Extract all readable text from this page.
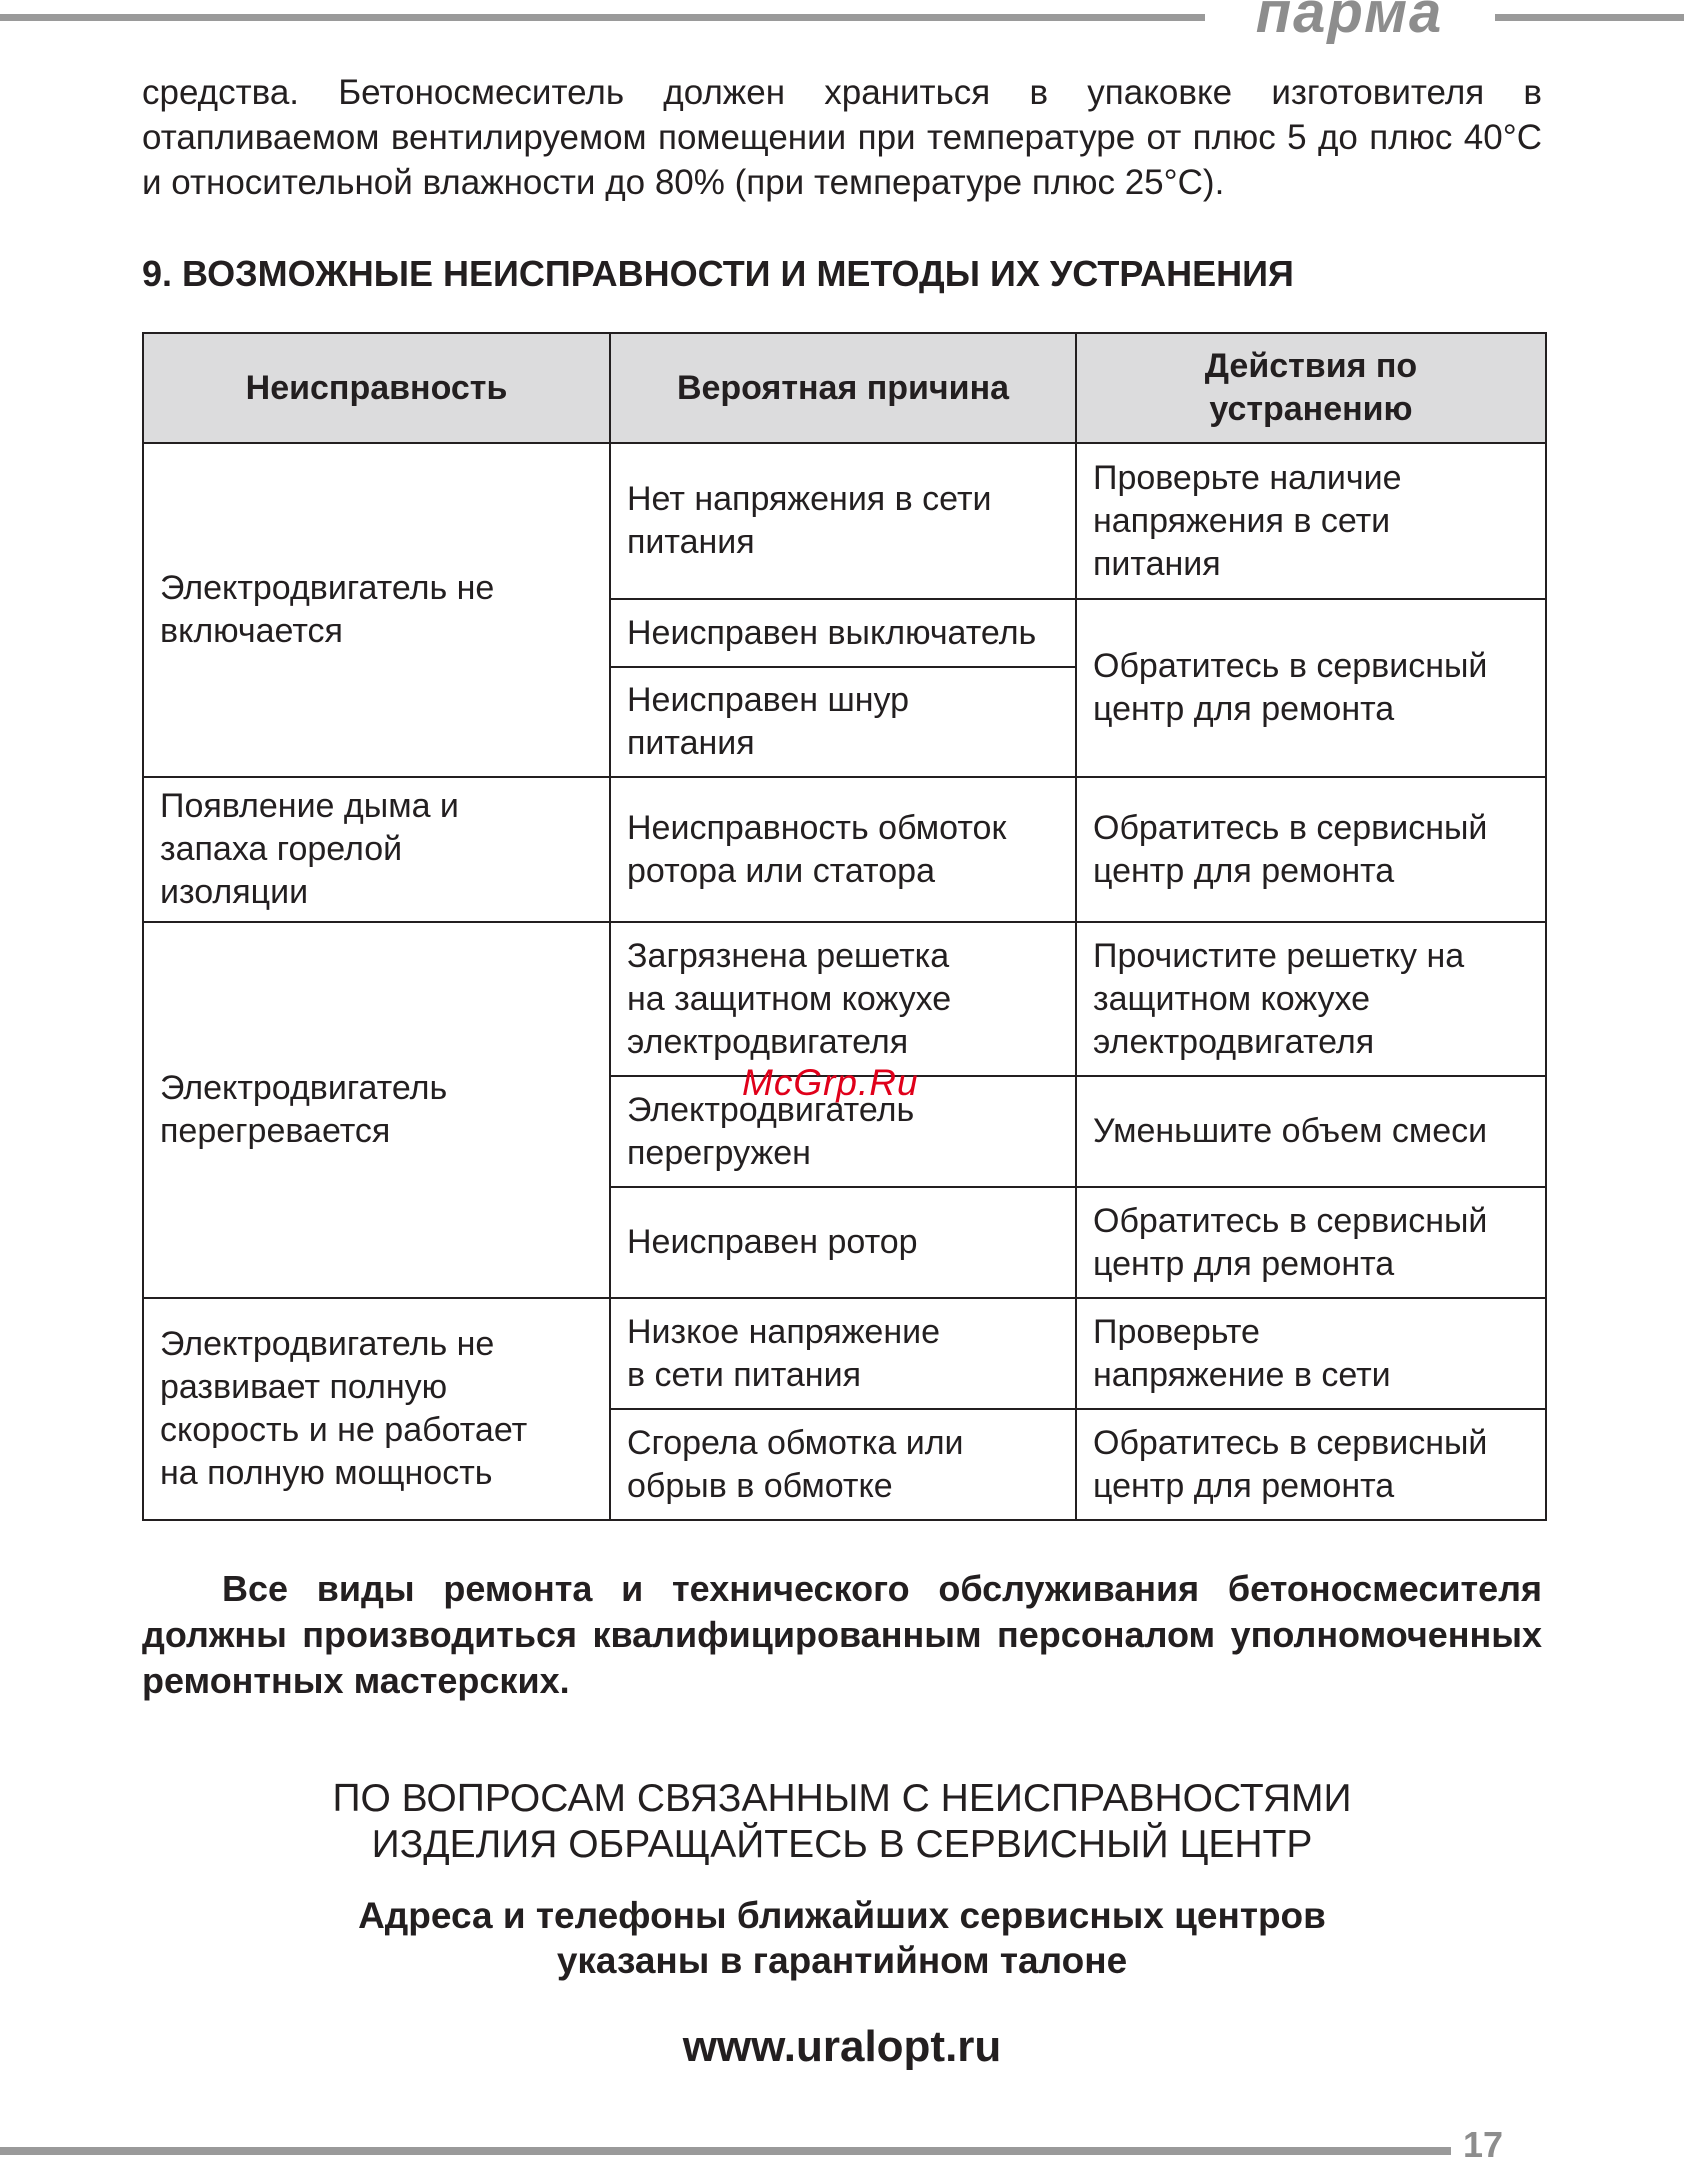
парма

средства. Бетоносмеситель должен храниться в упаковке изготовителя в отапливаемом вентилируемом помещении при температуре от плюс 5 до плюс 40°С и относительной влажности до 80% (при температуре плюс 25°С).

9. ВОЗМОЖНЫЕ НЕИСПРАВНОСТИ И МЕТОДЫ ИХ УСТРАНЕНИЯ
Неисправность	Вероятная причина	Действия по устранению
Электродвигатель не включается	Нет напряжения в сети питания	Проверьте наличие напряжения в сети питания
	Неисправен выключатель	Обратитесь в сервисный центр для ремонта
	Неисправен шнур питания	
Появление дыма и запаха горелой изоляции	Неисправность обмоток ротора или статора	Обратитесь в сервисный центр для ремонта
Электродвигатель перегревается	Загрязнена решетка на защитном кожухе электродвигателя	Прочистите решетку на защитном кожухе электродвигателя
	Электродвигатель перегружен	Уменьшите объем смеси
	Неисправен ротор	Обратитесь в сервисный центр для ремонта
Электродвигатель не развивает полную скорость и не работает на полную мощность	Низкое напряжение в сети питания	Проверьте напряжение в сети
	Сгорела обмотка или обрыв в обмотке	Обратитесь в сервисный центр для ремонта
McGrp.Ru

Все виды ремонта и технического обслуживания бетоносмесителя должны производиться квалифицированным персоналом уполномоченных ремонтных мастерских.

ПО ВОПРОСАМ СВЯЗАННЫМ С НЕИСПРАВНОСТЯМИ
ИЗДЕЛИЯ ОБРАЩАЙТЕСЬ В СЕРВИСНЫЙ ЦЕНТР
Адреса и телефоны ближайших сервисных центров
указаны в гарантийном талоне
www.uralopt.ru
17
